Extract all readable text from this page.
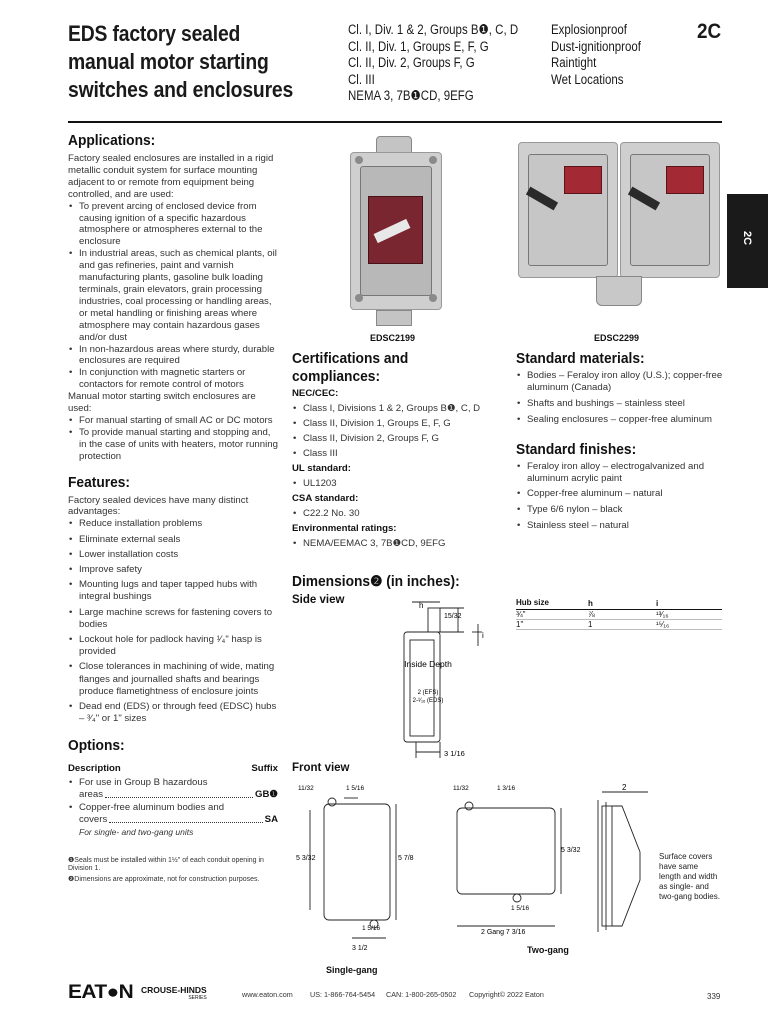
EDS factory sealed
manual motor starting
switches and enclosures
Cl. I, Div. 1 & 2, Groups B❶, C, D
Cl. II, Div. 1, Groups E, F, G
Cl. II, Div. 2, Groups F, G
Cl. III
NEMA 3, 7B❶CD, 9EFG
Explosionproof
Dust-ignitionproof
Raintight
Wet Locations
2C
2C
Applications:

Factory sealed enclosures are installed in a rigid metallic conduit system for surface mounting adjacent to or remote from equipment being controlled, and are used:

• To prevent arcing of enclosed device from causing ignition of a specific hazardous atmosphere or atmospheres external to the enclosure
• In industrial areas, such as chemical plants, oil and gas refineries, paint and varnish manufacturing plants, gasoline bulk loading terminals, grain elevators, grain processing industries, coal processing or handling areas, or metal handling or finishing areas where atmosphere may contain hazardous gases and/or dust
• In non-hazardous areas where sturdy, durable enclosures are required
• In conjunction with magnetic starters or contactors for remote control of motors

Manual motor starting switch enclosures are used:

• For manual starting of small AC or DC motors
• To provide manual starting and stopping and, in the case of units with heaters, motor running protection
Features:

Factory sealed devices have many distinct advantages:

• Reduce installation problems
• Eliminate external seals
• Lower installation costs
• Improve safety
• Mounting lugs and taper tapped hubs with integral bushings
• Large machine screws for fastening covers to bodies
• Lockout hole for padlock having ¹⁄₄" hasp is provided
• Close tolerances in machining of wide, mating flanges and journalled shafts and bearings produce flametightness of enclosure joints
• Dead end (EDS) or through feed (EDSC) hubs – ³⁄₄" or 1" sizes
Options:
Description	Suffix
• For use in Group B hazardous
areas	GB❶
• Copper-free aluminum bodies and
covers	SA

For single- and two-gang units

❶Seals must be installed within 1½" of each conduit opening in Division 1.

❷Dimensions are approximate, not for construction purposes.

EDSC2199	EDSC2299
Certifications and compliances:
NEC/CEC:
• Class I, Divisions 1 & 2, Groups B❶, C, D
• Class II, Division 1, Groups E, F, G
• Class II, Division 2, Groups F, G
• Class III
UL standard:
• UL1203
CSA standard:
• C22.2 No. 30
Environmental ratings:
• NEMA/EEMAC 3, 7B❶CD, 9EFG
Standard materials:
• Bodies – Feraloy iron alloy (U.S.); copper-free aluminum (Canada)
• Shafts and bushings – stainless steel
• Sealing enclosures – copper-free aluminum
Standard finishes:
• Feraloy iron alloy – electrogalvanized and aluminum acrylic paint
• Copper-free aluminum – natural
• Type 6/6 nylon – black
• Stainless steel – natural
Dimensions❷ (in inches):
Side view	Hub size	h	i
¾"	⅞	¹³⁄₁₆
1"	1	¹⁵⁄₁₆
h
15/32
i
Inside Depth
2 (EFS)
2-¹⁄₁₆ (EDS)
3 1/16
Front view
11/32	1 5/16
5 3/32	5 7/8
1 5/16
3 1/2
Single-gang
11/32	1 3/16
5 3/32
1 5/16
2 Gang 7 3/16
Two-gang
2
Surface covers have same length and width as single- and two-gang bodies.
EAT●N CROUSE-HINDS
SERIES	www.eaton.com US: 1-866-764-5454 CAN: 1-800-265-0502 Copyright© 2022 Eaton	339
